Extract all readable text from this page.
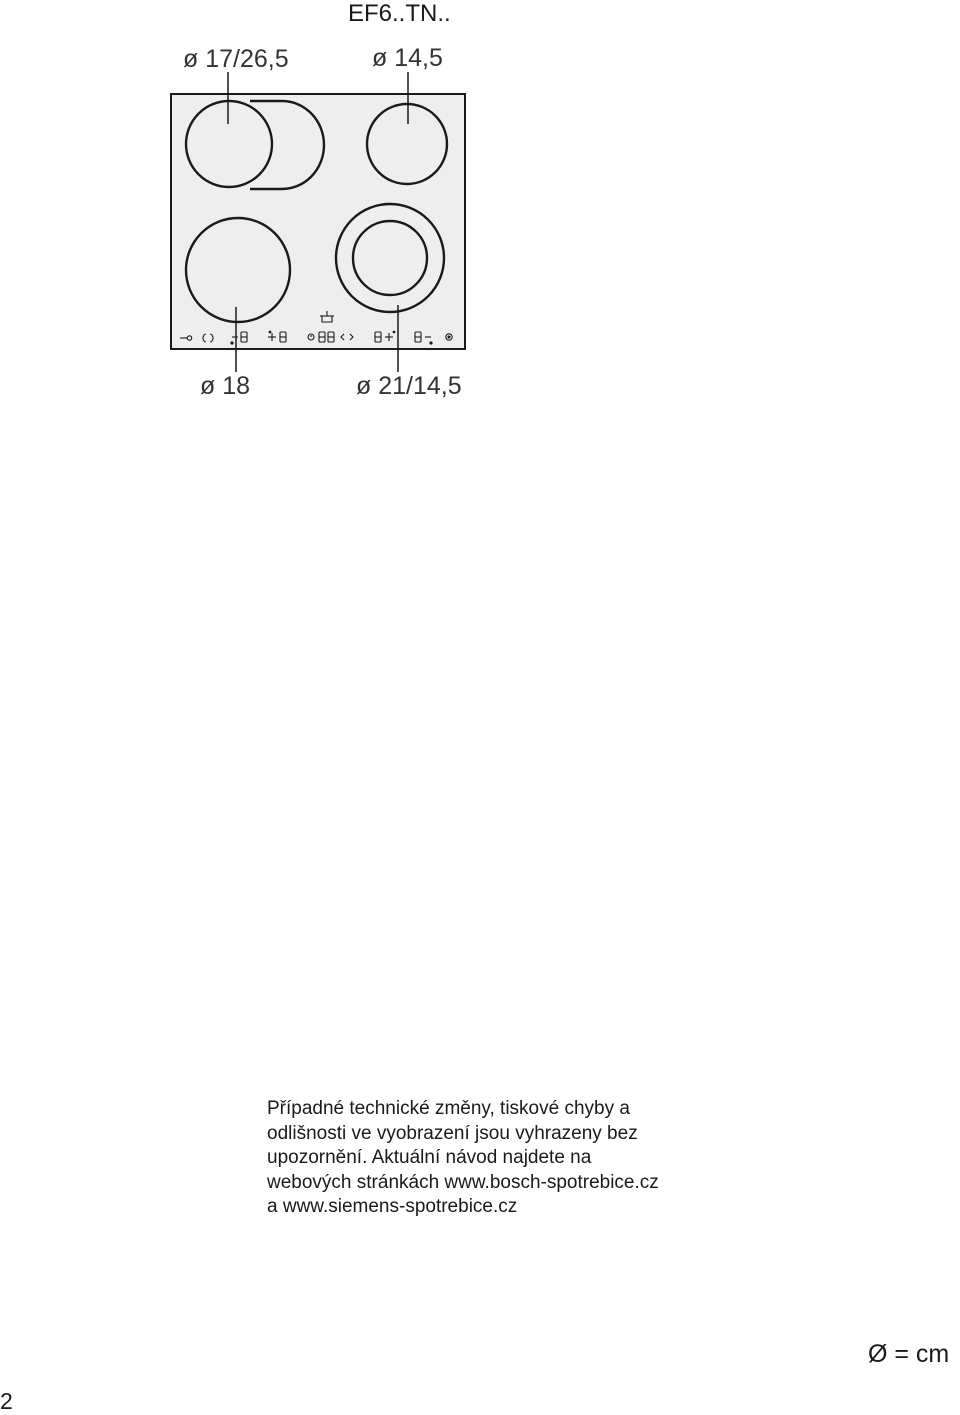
EF6..TN..
ø 17/26,5	ø 14,5
ø 18	ø 21/14,5
Případné technické změny, tiskové chyby a
odlišnosti ve vyobrazení jsou vyhrazeny bez
upozornění. Aktuální návod najdete na
webových stránkách www.bosch-spotrebice.cz
a www.siemens-spotrebice.cz
Ø = cm
2
